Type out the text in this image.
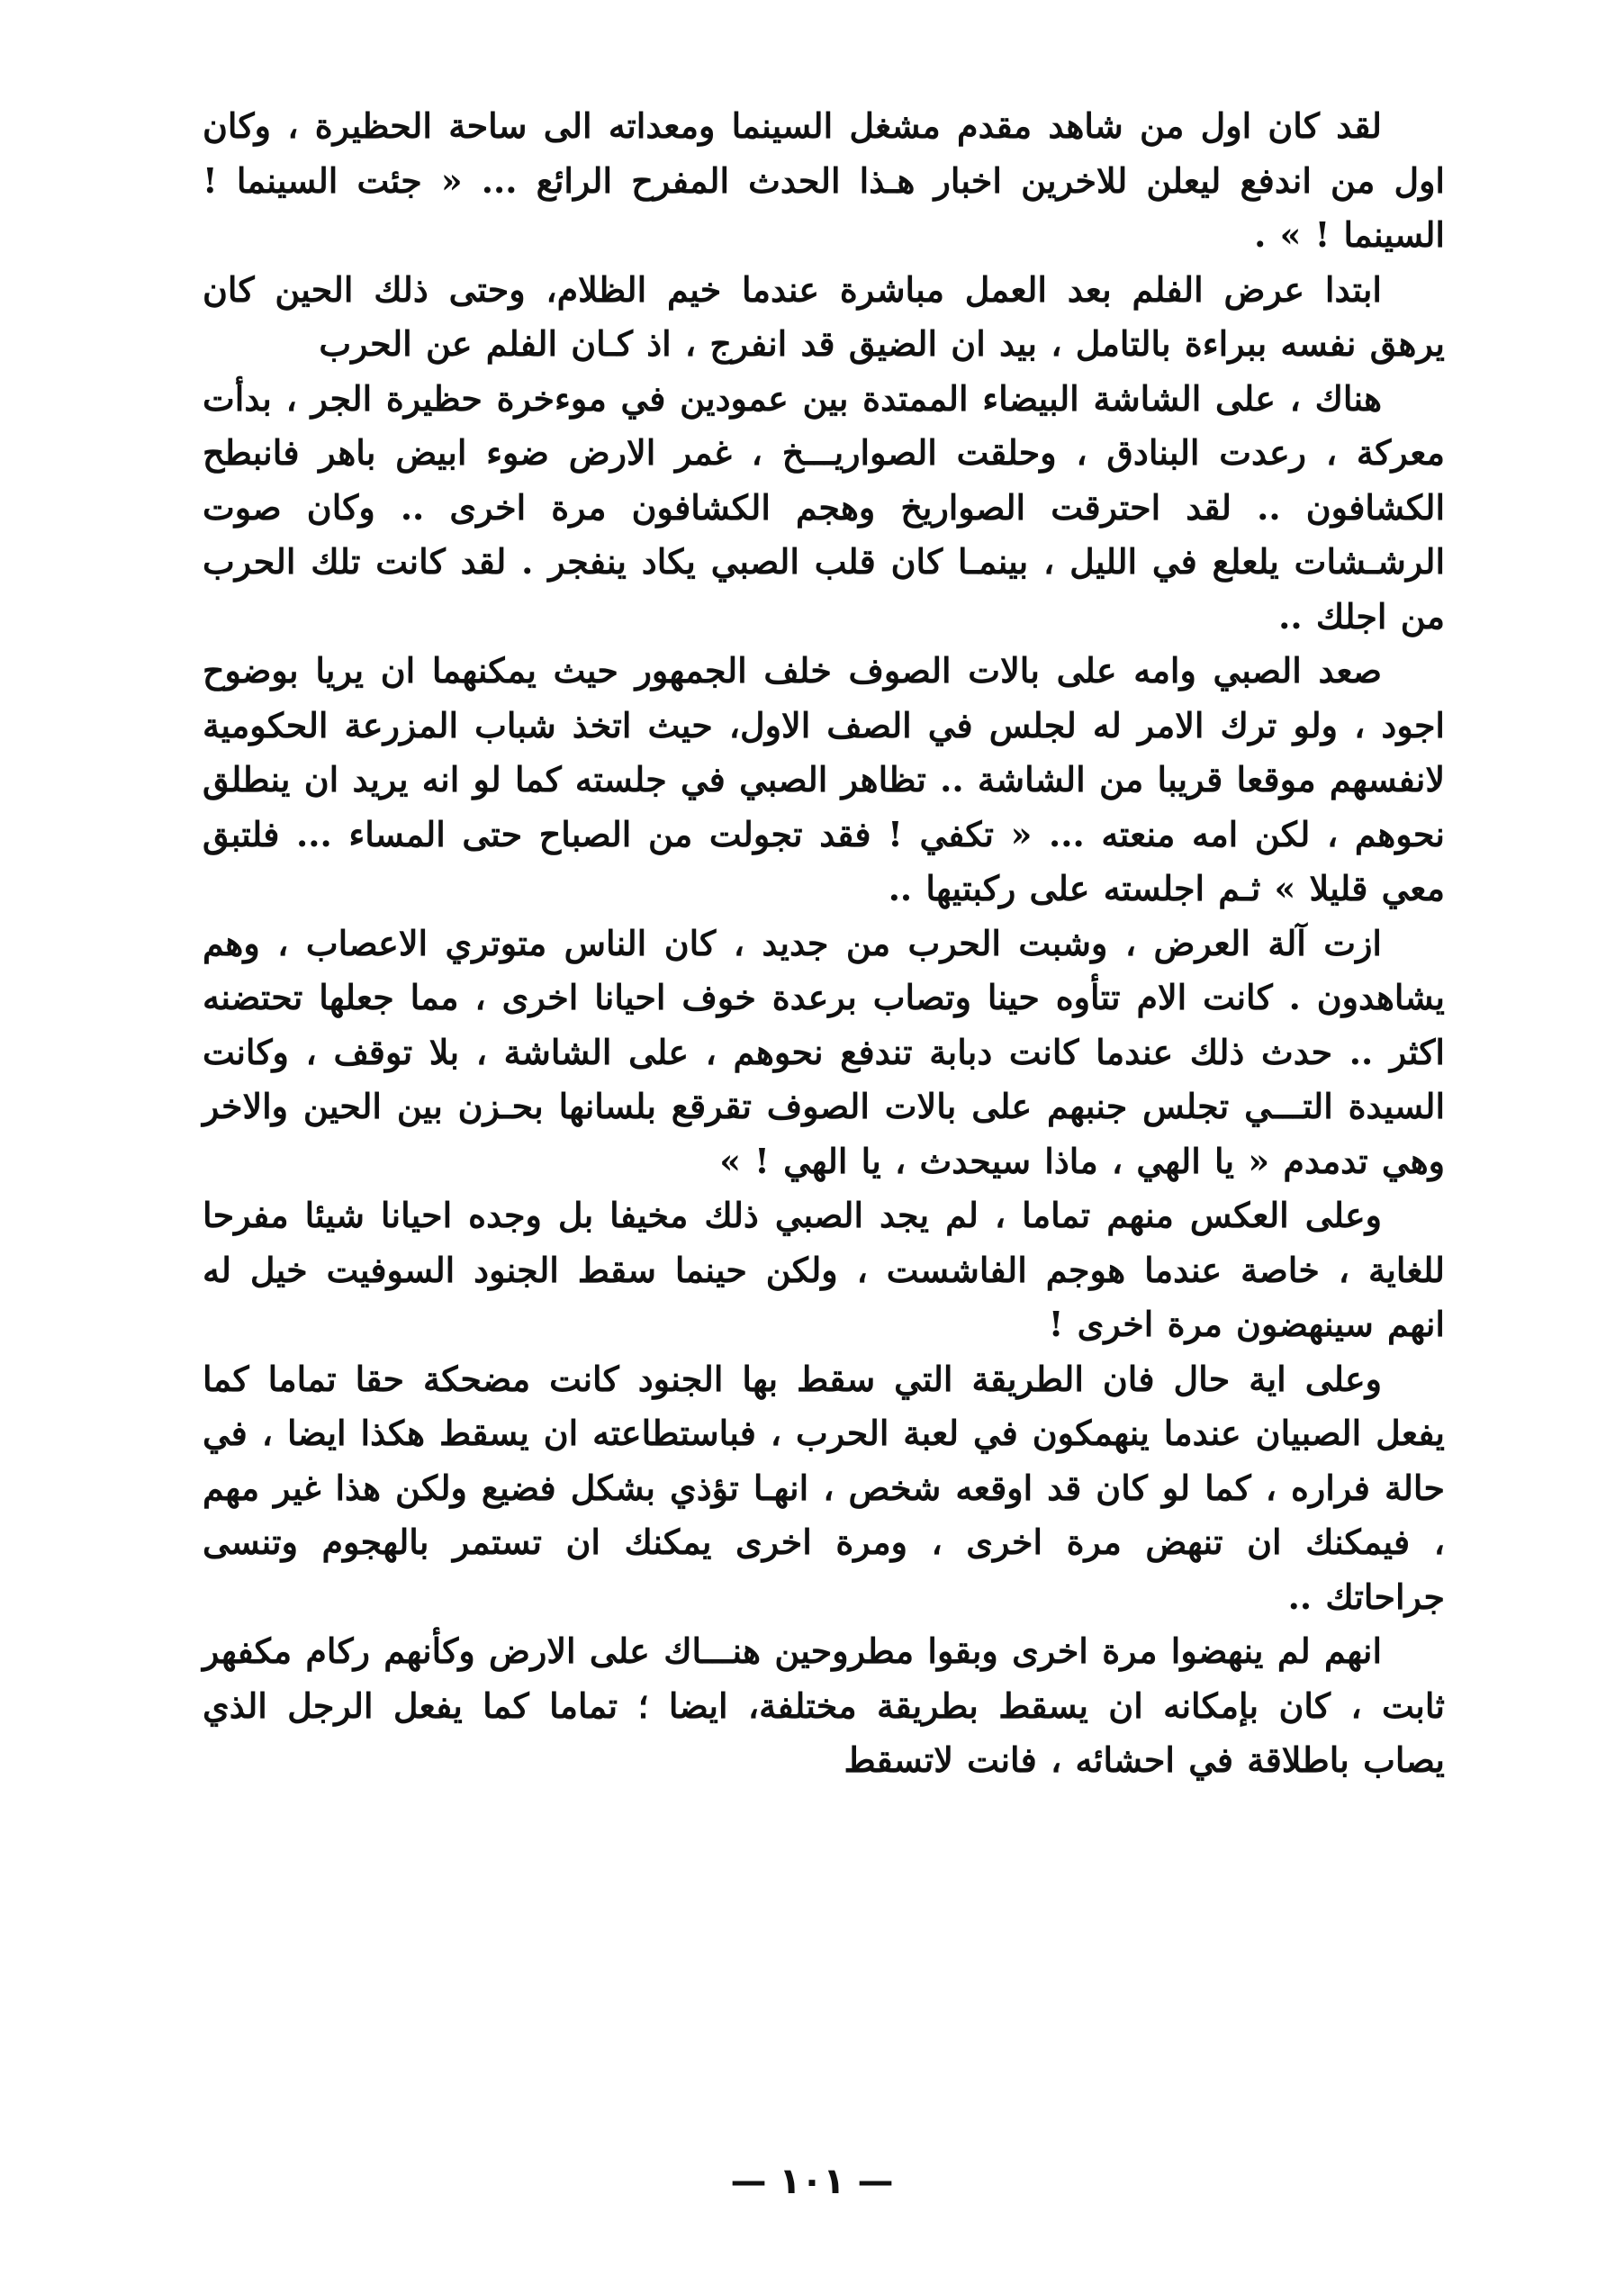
لقد كان اول من شاهد مقدم مشغل السينما ومعداته الى ساحة الحظيرة ، وكان اول من اندفع ليعلن للاخرين اخبار هـذا الحدث المفرح الرائع ... « جئت السينما ! السينما ! » .

ابتدا عرض الفلم بعد العمل مباشرة عندما خيم الظلام، وحتى ذلك الحين كان يرهق نفسه ببراءة بالتامل ، بيد ان الضيق قد انفرج ، اذ كـان الفلم عن الحرب

هناك ، على الشاشة البيضاء الممتدة بين عمودين في موءخرة حظيرة الجر ، بدأت معركة ، رعدت البنادق ، وحلقت الصواريـــخ ، غمر الارض ضوء ابيض باهر فانبطح الكشافون .. لقد احترقت الصواريخ وهجم الكشافون مرة اخرى .. وكان صوت الرشـشات يلعلع في الليل ، بينمـا كان قلب الصبي يكاد ينفجر . لقد كانت تلك الحرب من اجلك ..

صعد الصبي وامه على بالات الصوف خلف الجمهور حيث يمكنهما ان يريا بوضوح اجود ، ولو ترك الامر له لجلس في الصف الاول، حيث اتخذ شباب المزرعة الحكومية لانفسهم موقعا قريبا من الشاشة .. تظاهر الصبي في جلسته كما لو انه يريد ان ينطلق نحوهم ، لكن امه منعته ... « تكفي ! فقد تجولت من الصباح حتى المساء ... فلتبق معي قليلا » ثـم اجلسته على ركبتيها ..

ازت آلة العرض ، وشبت الحرب من جديد ، كان الناس متوتري الاعصاب ، وهم يشاهدون . كانت الام تتأوه حينا وتصاب برعدة خوف احيانا اخرى ، مما جعلها تحتضنه اكثر .. حدث ذلك عندما كانت دبابة تندفع نحوهم ، على الشاشة ، بلا توقف ، وكانت السيدة التـــي تجلس جنبهم على بالات الصوف تقرقع بلسانها بحـزن بين الحين والاخر وهي تدمدم « يا الهي ، ماذا سيحدث ، يا الهي ! »

وعلى العكس منهم تماما ، لم يجد الصبي ذلك مخيفا بل وجده احيانا شيئا مفرحا للغاية ، خاصة عندما هوجم الفاشست ، ولكن حينما سقط الجنود السوفيت خيل له انهم سينهضون مرة اخرى !

وعلى اية حال فان الطريقة التي سقط بها الجنود كانت مضحكة حقا تماما كما يفعل الصبيان عندما ينهمكون في لعبة الحرب ، فباستطاعته ان يسقط هكذا ايضا ، في حالة فراره ، كما لو كان قد اوقعه شخص ، انهـا تؤذي بشكل فضيع ولكن هذا غير مهم ، فيمكنك ان تنهض مرة اخرى ، ومرة اخرى يمكنك ان تستمر بالهجوم وتنسى جراحاتك ..

انهم لم ينهضوا مرة اخرى وبقوا مطروحين هنـــاك على الارض وكأنهم ركام مكفهر ثابت ، كان بإمكانه ان يسقط بطريقة مختلفة، ايضا ؛ تماما كما يفعل الرجل الذي يصاب باطلاقة في احشائه ، فانت لاتسقط

— ١٠١ —
